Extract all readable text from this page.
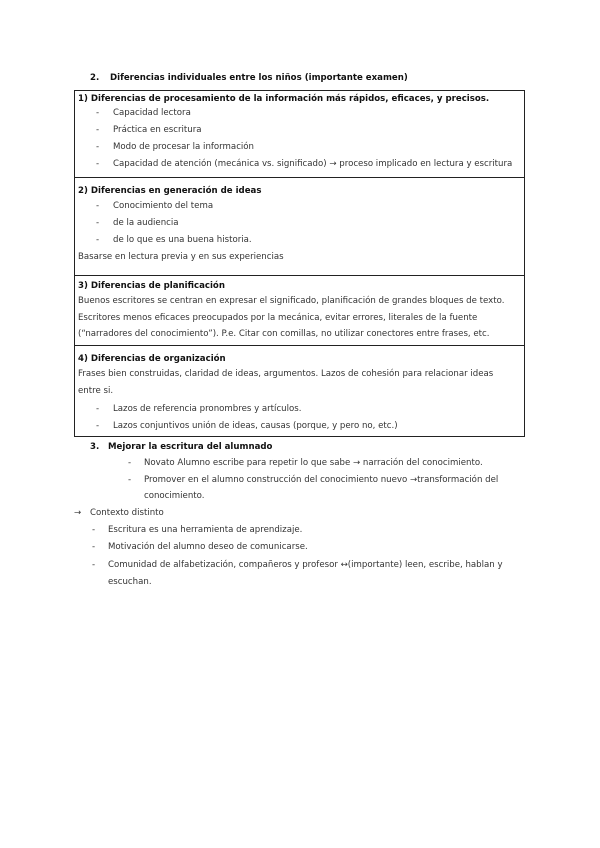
2. Diferencias individuales entre los niños (importante examen)
1) Diferencias de procesamiento de la información más rápidos, eficaces, y precisos.
- Capacidad lectora
- Práctica en escritura
- Modo de procesar la información
- Capacidad de atención (mecánica vs. significado) → proceso implicado en lectura y escritura
2) Diferencias en generación de ideas
- Conocimiento del tema
- de la audiencia
- de lo que es una buena historia.
Basarse en lectura previa y en sus experiencias
3) Diferencias de planificación
Buenos escritores se centran en expresar el significado, planificación de grandes bloques de texto.
Escritores menos eficaces preocupados por la mecánica, evitar errores, literales de la fuente
(“narradores del conocimiento”). P.e. Citar con comillas, no utilizar conectores entre frases, etc.
4) Diferencias de organización
Frases bien construidas, claridad de ideas, argumentos. Lazos de cohesión para relacionar ideas
entre si.
- Lazos de referencia pronombres y artículos.
- Lazos conjuntivos unión de ideas, causas (porque, y pero no, etc.)
3. Mejorar la escritura del alumnado
- Novato Alumno escribe para repetir lo que sabe → narración del conocimiento.
- Promover en el alumno construcción del conocimiento nuevo →transformación del
conocimiento.
→ Contexto distinto
- Escritura es una herramienta de aprendizaje.
- Motivación del alumno deseo de comunicarse.
- Comunidad de alfabetización, compañeros y profesor ↔(importante) leen, escribe, hablan y
escuchan.
